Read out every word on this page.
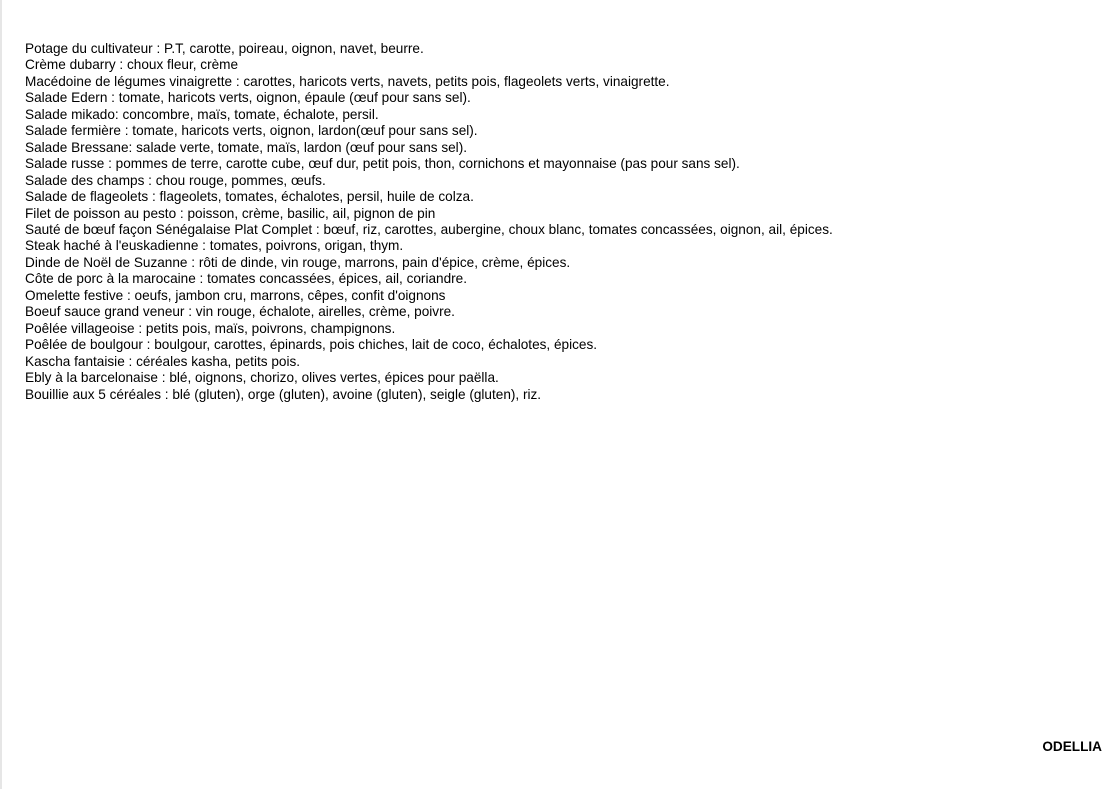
Potage du cultivateur : P.T, carotte, poireau, oignon, navet, beurre.
Crème dubarry : choux fleur, crème
Macédoine de légumes vinaigrette : carottes, haricots verts, navets, petits pois, flageolets verts, vinaigrette.
Salade Edern : tomate, haricots verts, oignon, épaule (œuf pour sans sel).
Salade mikado: concombre, maïs, tomate, échalote, persil.
Salade fermière : tomate, haricots verts, oignon, lardon(œuf pour sans sel).
Salade Bressane: salade verte, tomate, maïs, lardon (œuf pour sans sel).
Salade russe : pommes de terre, carotte cube, œuf dur, petit pois, thon, cornichons et mayonnaise (pas pour sans sel).
Salade des champs : chou rouge, pommes, œufs.
Salade de flageolets : flageolets, tomates, échalotes, persil, huile de colza.
Filet de poisson au pesto : poisson, crème, basilic, ail, pignon de pin
Sauté de bœuf façon Sénégalaise Plat Complet : bœuf, riz, carottes, aubergine, choux blanc, tomates concassées, oignon, ail, épices.
Steak haché à l'euskadienne : tomates, poivrons, origan, thym.
Dinde de Noël de Suzanne : rôti de dinde, vin rouge, marrons, pain d'épice, crème, épices.
Côte de porc à la marocaine : tomates concassées, épices, ail, coriandre.
Omelette festive : oeufs, jambon cru, marrons, cêpes, confit d'oignons
Boeuf sauce grand veneur : vin rouge, échalote, airelles, crème, poivre.
Poêlée villageoise : petits pois, maïs, poivrons, champignons.
Poêlée de boulgour : boulgour, carottes, épinards, pois chiches, lait de coco, échalotes, épices.
Kascha fantaisie : céréales kasha, petits pois.
Ebly à la barcelonaise : blé, oignons, chorizo, olives vertes, épices pour paëlla.
Bouillie aux 5 céréales : blé (gluten), orge (gluten), avoine (gluten), seigle (gluten), riz.
ODELLIA
